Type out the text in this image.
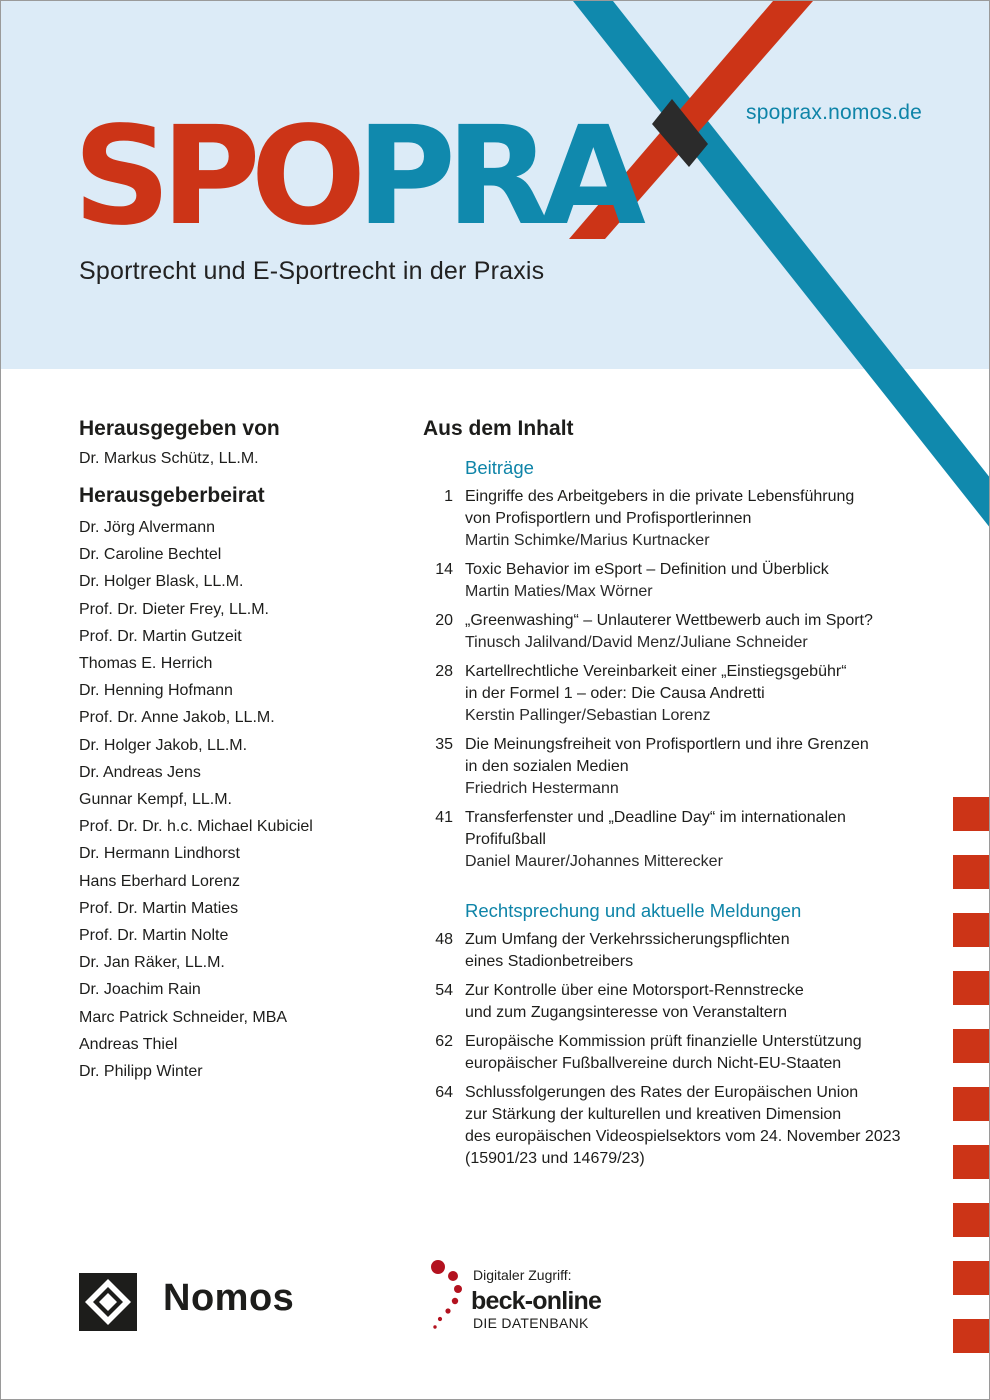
spoprax.nomos.de
SPOPRA
Sportrecht und E-Sportrecht in der Praxis
Herausgegeben von
Dr. Markus Schütz, LL.M.
Herausgeberbeirat
Dr. Jörg Alvermann
Dr. Caroline Bechtel
Dr. Holger Blask, LL.M.
Prof. Dr. Dieter Frey, LL.M.
Prof. Dr. Martin Gutzeit
Thomas E. Herrich
Dr. Henning Hofmann
Prof. Dr. Anne Jakob, LL.M.
Dr. Holger Jakob, LL.M.
Dr. Andreas Jens
Gunnar Kempf, LL.M.
Prof. Dr. Dr. h.c. Michael Kubiciel
Dr. Hermann Lindhorst
Hans Eberhard Lorenz
Prof. Dr. Martin Maties
Prof. Dr. Martin Nolte
Dr. Jan Räker, LL.M.
Dr. Joachim Rain
Marc Patrick Schneider, MBA
Andreas Thiel
Dr. Philipp Winter
Aus dem Inhalt
Beiträge
1 Eingriffe des Arbeitgebers in die private Lebensführung
von Profisportlern und Profisportlerinnen
Martin Schimke/Marius Kurtnacker
14 Toxic Behavior im eSport – Definition und Überblick
Martin Maties/Max Wörner
20 „Greenwashing“ – Unlauterer Wettbewerb auch im Sport?
Tinusch Jalilvand/David Menz/Juliane Schneider
28 Kartellrechtliche Vereinbarkeit einer „Einstiegsgebühr“
in der Formel 1 – oder: Die Causa Andretti
Kerstin Pallinger/Sebastian Lorenz
35 Die Meinungsfreiheit von Profisportlern und ihre Grenzen
in den sozialen Medien
Friedrich Hestermann
41 Transferfenster und „Deadline Day“ im internationalen
Profifußball
Daniel Maurer/Johannes Mitterecker
Rechtsprechung und aktuelle Meldungen
48 Zum Umfang der Verkehrssicherungspflichten
eines Stadionbetreibers
54 Zur Kontrolle über eine Motorsport-Rennstrecke
und zum Zugangsinteresse von Veranstaltern
62 Europäische Kommission prüft finanzielle Unterstützung
europäischer Fußballvereine durch Nicht-EU-Staaten
64 Schlussfolgerungen des Rates der Europäischen Union
zur Stärkung der kulturellen und kreativen Dimension
des europäischen Videospielsektors vom 24. November 2023
(15901/23 und 14679/23)
Nomos
Digitaler Zugriff:
beck-online
DIE DATENBANK
